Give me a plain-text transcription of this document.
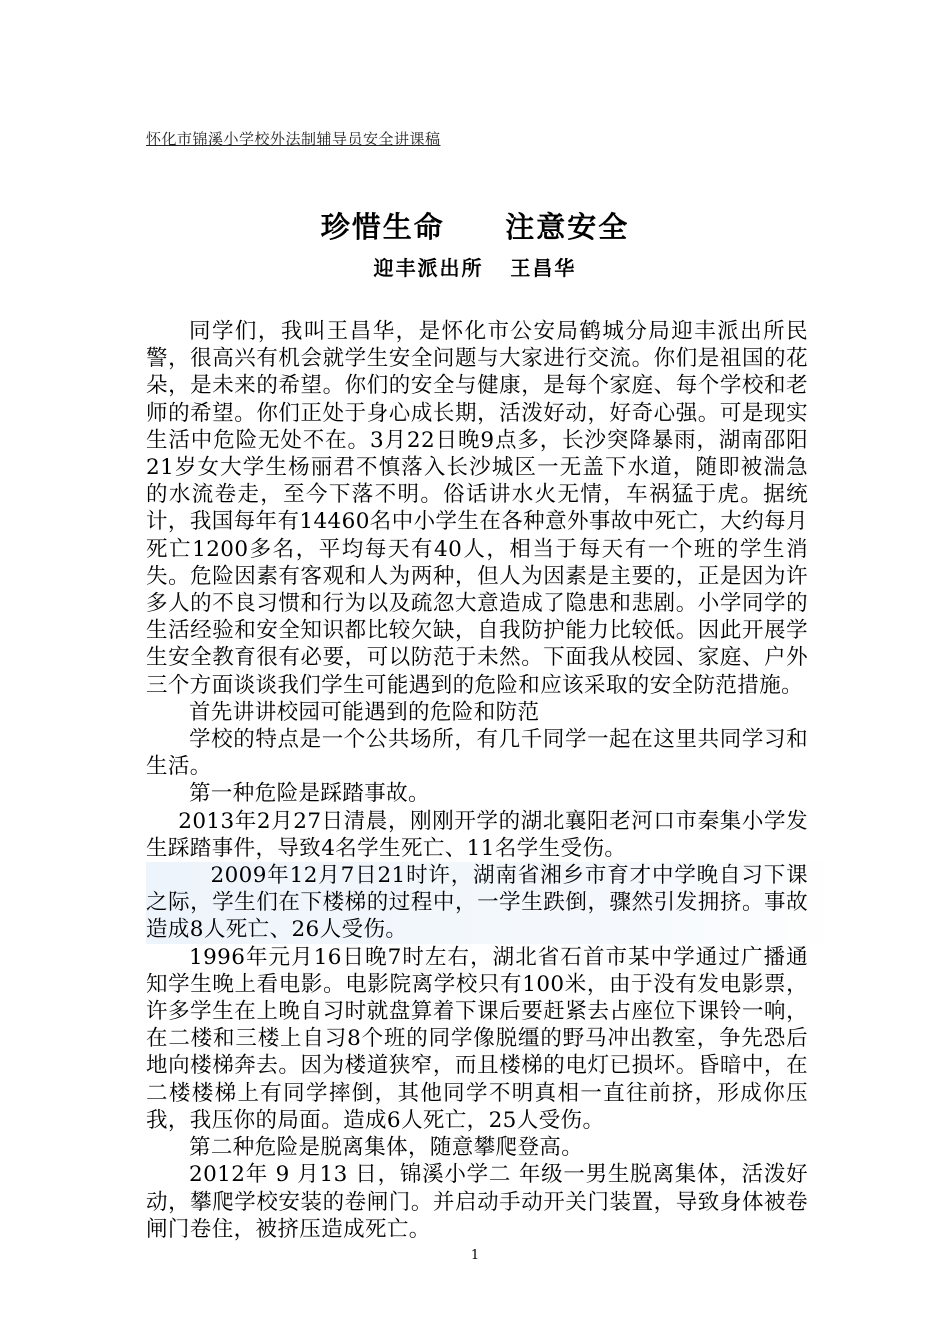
怀化市锦溪小学校外法制辅导员安全讲课稿
珍惜生命     注意安全
迎丰派出所   王昌华

同学们，我叫王昌华，是怀化市公安局鹤城分局迎丰派出所民警，很高兴有机会就学生安全问题与大家进行交流。你们是祖国的花朵，是未来的希望。你们的安全与健康，是每个家庭、每个学校和老师的希望。你们正处于身心成长期，活泼好动，好奇心强。可是现实生活中危险无处不在。3月22日晚9点多，长沙突降暴雨，湖南邵阳21岁女大学生杨丽君不慎落入长沙城区一无盖下水道，随即被湍急的水流卷走，至今下落不明。俗话讲水火无情，车祸猛于虎。据统计，我国每年有14460名中小学生在各种意外事故中死亡，大约每月死亡1200多名，平均每天有40人，相当于每天有一个班的学生消失。危险因素有客观和人为两种，但人为因素是主要的，正是因为许多人的不良习惯和行为以及疏忽大意造成了隐患和悲剧。小学同学的生活经验和安全知识都比较欠缺，自我防护能力比较低。因此开展学生安全教育很有必要，可以防范于未然。下面我从校园、家庭、户外三个方面谈谈我们学生可能遇到的危险和应该采取的安全防范措施。

首先讲讲校园可能遇到的危险和防范

学校的特点是一个公共场所，有几千同学一起在这里共同学习和生活。

第一种危险是踩踏事故。

2013年2月27日清晨，刚刚开学的湖北襄阳老河口市秦集小学发生踩踏事件，导致4名学生死亡、11名学生受伤。

2009年12月7日21时许，湖南省湘乡市育才中学晚自习下课之际，学生们在下楼梯的过程中，一学生跌倒，骤然引发拥挤。事故造成8人死亡、26人受伤。

1996年元月16日晚7时左右，湖北省石首市某中学通过广播通知学生晚上看电影。电影院离学校只有100米，由于没有发电影票，许多学生在上晚自习时就盘算着下课后要赶紧去占座位下课铃一响，在二楼和三楼上自习8个班的同学像脱缰的野马冲出教室，争先恐后地向楼梯奔去。因为楼道狭窄，而且楼梯的电灯已损坏。昏暗中，在二楼楼梯上有同学摔倒，其他同学不明真相一直往前挤，形成你压我，我压你的局面。造成6人死亡，25人受伤。

第二种危险是脱离集体，随意攀爬登高。

2012年 9 月13 日，锦溪小学二 年级一男生脱离集体，活泼好动，攀爬学校安装的卷闸门。并启动手动开关门装置，导致身体被卷闸门卷住，被挤压造成死亡。

1
